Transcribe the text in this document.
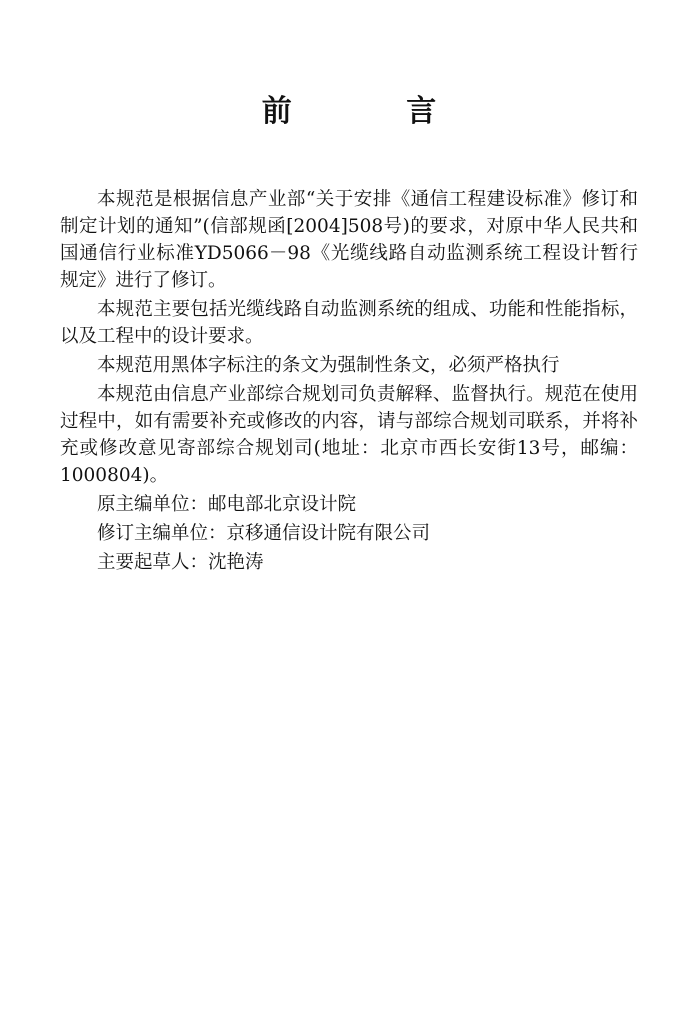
前 言

本规范是根据信息产业部“关于安排《通信工程建设标准》修订和制定计划的通知”(信部规函[2004]508号)的要求，对原中华人民共和国通信行业标准YD5066－98《光缆线路自动监测系统工程设计暂行规定》进行了修订。

本规范主要包括光缆线路自动监测系统的组成、功能和性能指标，以及工程中的设计要求。

本规范用黑体字标注的条文为强制性条文，必须严格执行

本规范由信息产业部综合规划司负责解释、监督执行。规范在使用过程中，如有需要补充或修改的内容，请与部综合规划司联系，并将补充或修改意见寄部综合规划司(地址：北京市西长安街13号，邮编：1000804)。

原主编单位：邮电部北京设计院

修订主编单位：京移通信设计院有限公司

主要起草人：沈艳涛
